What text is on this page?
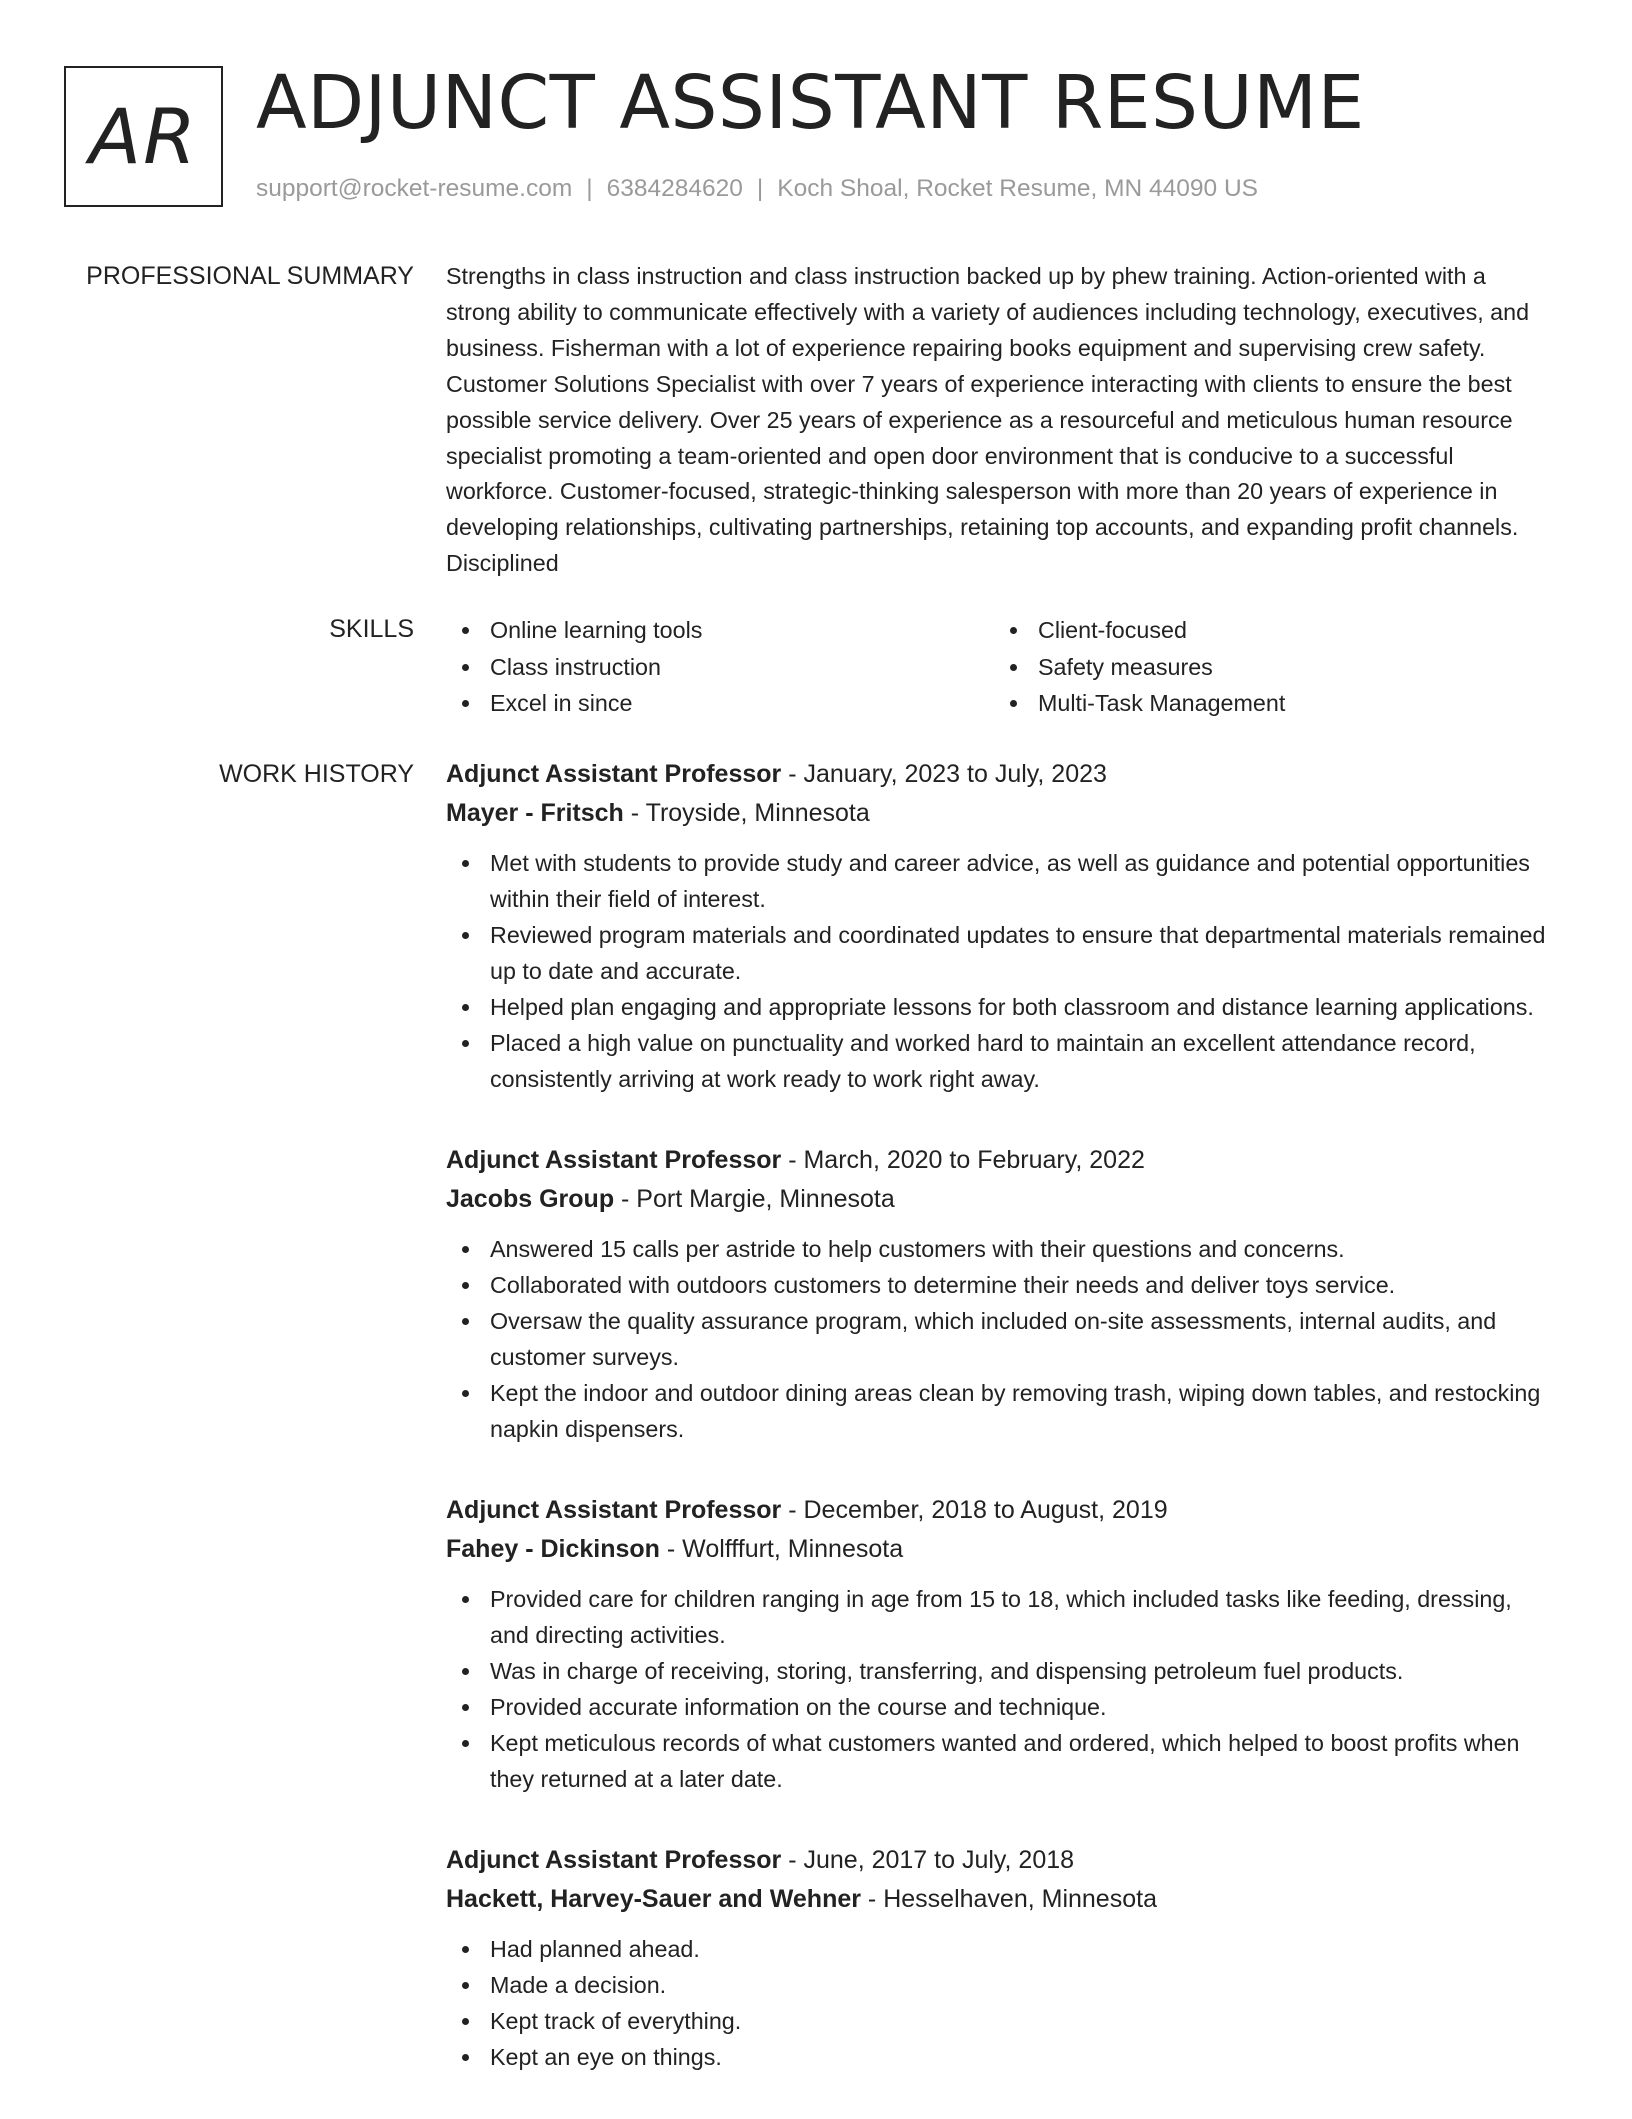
AR ADJUNCT ASSISTANT RESUME
support@rocket-resume.com | 6384284620 | Koch Shoal, Rocket Resume, MN 44090 US
PROFESSIONAL SUMMARY Strengths in class instruction and class instruction backed up by phew training. Action-oriented with a strong ability to communicate effectively with a variety of audiences including technology, executives, and business. Fisherman with a lot of experience repairing books equipment and supervising crew safety. Customer Solutions Specialist with over 7 years of experience interacting with clients to ensure the best possible service delivery. Over 25 years of experience as a resourceful and meticulous human resource specialist promoting a team-oriented and open door environment that is conducive to a successful workforce. Customer-focused, strategic-thinking salesperson with more than 20 years of experience in developing relationships, cultivating partnerships, retaining top accounts, and expanding profit channels. Disciplined

SKILLS	Online learning tools	Client-focused
Class instruction	Safety measures
Excel in since	Multi-Task Management
WORK HISTORY Adjunct Assistant Professor - January, 2023 to July, 2023
Mayer - Fritsch - Troyside, Minnesota
Met with students to provide study and career advice, as well as guidance and potential opportunities within their field of interest.
Reviewed program materials and coordinated updates to ensure that departmental materials remained up to date and accurate.
Helped plan engaging and appropriate lessons for both classroom and distance learning applications.
Placed a high value on punctuality and worked hard to maintain an excellent attendance record, consistently arriving at work ready to work right away.
Adjunct Assistant Professor - March, 2020 to February, 2022
Jacobs Group - Port Margie, Minnesota
Answered 15 calls per astride to help customers with their questions and concerns.
Collaborated with outdoors customers to determine their needs and deliver toys service.
Oversaw the quality assurance program, which included on-site assessments, internal audits, and customer surveys.
Kept the indoor and outdoor dining areas clean by removing trash, wiping down tables, and restocking napkin dispensers.
Adjunct Assistant Professor - December, 2018 to August, 2019
Fahey - Dickinson - Wolfffurt, Minnesota
Provided care for children ranging in age from 15 to 18, which included tasks like feeding, dressing, and directing activities.
Was in charge of receiving, storing, transferring, and dispensing petroleum fuel products.
Provided accurate information on the course and technique.
Kept meticulous records of what customers wanted and ordered, which helped to boost profits when they returned at a later date.
Adjunct Assistant Professor - June, 2017 to July, 2018
Hackett, Harvey-Sauer and Wehner - Hesselhaven, Minnesota
Had planned ahead.
Made a decision.
Kept track of everything.
Kept an eye on things.
